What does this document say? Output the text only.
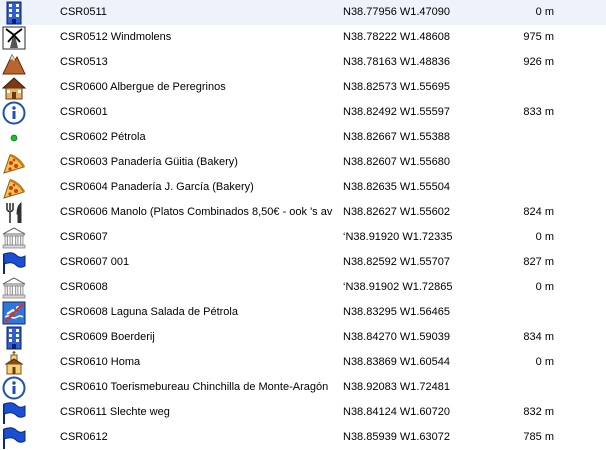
CSR0511	N38.77956 W1.47090	0 m
CSR0512 Windmolens	N38.78222 W1.48608	975 m
CSR0513	N38.78163 W1.48836	926 m
CSR0600 Albergue de Peregrinos	N38.82573 W1.55695
CSR0601	N38.82492 W1.55597	833 m
CSR0602 Pétrola	N38.82667 W1.55388
CSR0603 Panadería Güitia (Bakery)	N38.82607 W1.55680
CSR0604 Panadería J. García (Bakery)	N38.82635 W1.55504
CSR0606 Manolo (Platos Combinados 8,50€ - ook 's av N38.82627 W1.55602	824 m
CSR0607	‘N38.91920 W1.72335	0 m
CSR0607 001	N38.82592 W1.55707	827 m
CSR0608	‘N38.91902 W1.72865	0 m
CSR0608 Laguna Salada de Pétrola	N38.83295 W1.56465
CSR0609 Boerderij	N38.84270 W1.59039	834 m
CSR0610 Homa	N38.83869 W1.60544	0 m
CSR0610 Toerismebureau Chinchilla de Monte-Aragón	N38.92083 W1.72481
CSR0611 Slechte weg	N38.84124 W1.60720	832 m
CSR0612	N38.85939 W1.63072	785 m
